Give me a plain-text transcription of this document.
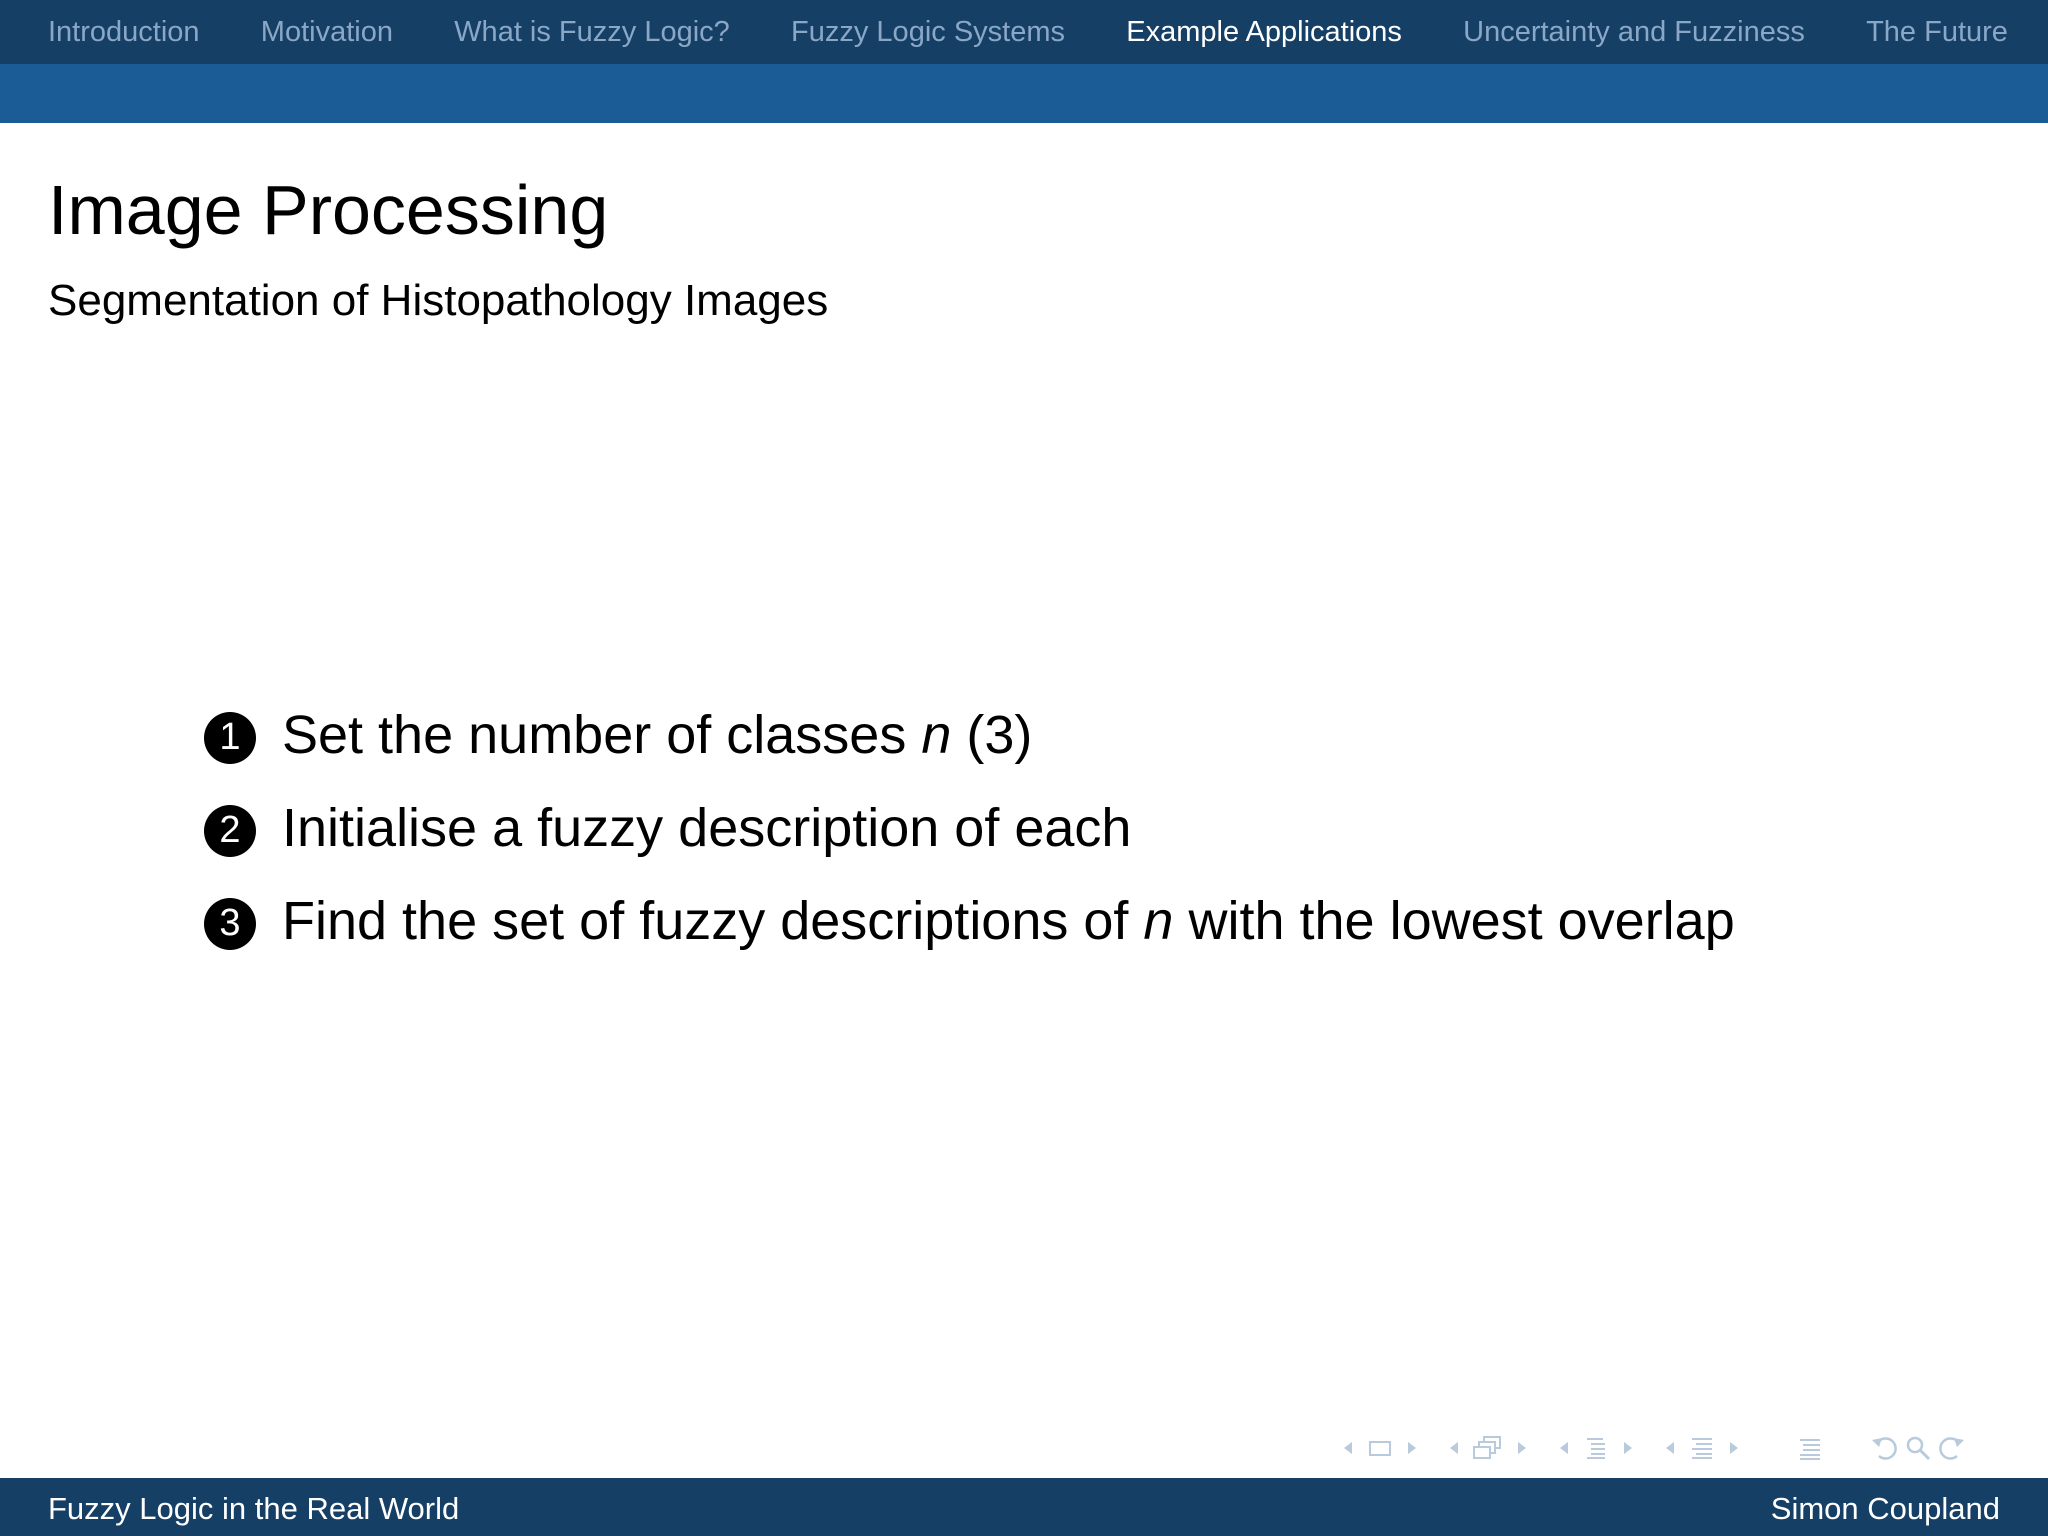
Introduction Motivation What is Fuzzy Logic? Fuzzy Logic Systems Example Applications Uncertainty and Fuzziness The Future
Image Processing
Segmentation of Histopathology Images
1 Set the number of classes n (3)
2 Initialise a fuzzy description of each
3 Find the set of fuzzy descriptions of n with the lowest overlap
Fuzzy Logic in the Real World	Simon Coupland
